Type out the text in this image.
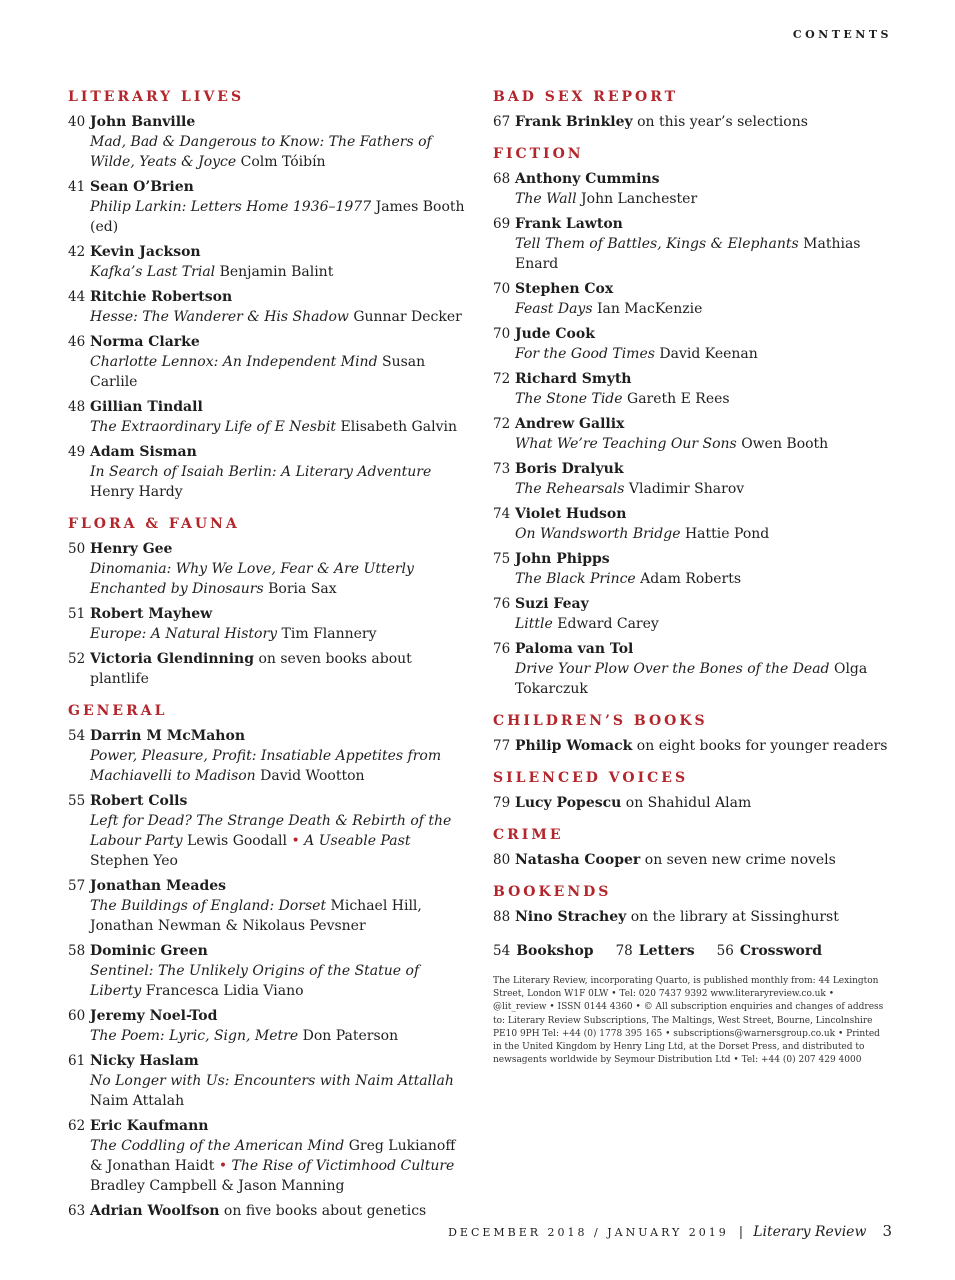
CONTENTS
LITERARY LIVES
40 John Banville
Mad, Bad & Dangerous to Know: The Fathers of Wilde, Yeats & Joyce Colm Tóibín
41 Sean O’Brien
Philip Larkin: Letters Home 1936–1977 James Booth (ed)
42 Kevin Jackson
Kafka’s Last Trial Benjamin Balint
44 Ritchie Robertson
Hesse: The Wanderer & His Shadow Gunnar Decker
46 Norma Clarke
Charlotte Lennox: An Independent Mind Susan Carlile
48 Gillian Tindall
The Extraordinary Life of E Nesbit Elisabeth Galvin
49 Adam Sisman
In Search of Isaiah Berlin: A Literary Adventure Henry Hardy
FLORA & FAUNA
50 Henry Gee
Dinomania: Why We Love, Fear & Are Utterly Enchanted by Dinosaurs Boria Sax
51 Robert Mayhew
Europe: A Natural History Tim Flannery
52 Victoria Glendinning on seven books about plantlife
GENERAL
54 Darrin M McMahon
Power, Pleasure, Profit: Insatiable Appetites from Machiavelli to Madison David Wootton
55 Robert Colls
Left for Dead? The Strange Death & Rebirth of the Labour Party Lewis Goodall • A Useable Past Stephen Yeo
57 Jonathan Meades
The Buildings of England: Dorset Michael Hill, Jonathan Newman & Nikolaus Pevsner
58 Dominic Green
Sentinel: The Unlikely Origins of the Statue of Liberty Francesca Lidia Viano
60 Jeremy Noel-Tod
The Poem: Lyric, Sign, Metre Don Paterson
61 Nicky Haslam
No Longer with Us: Encounters with Naim Attallah Naim Attalah
62 Eric Kaufmann
The Coddling of the American Mind Greg Lukianoff & Jonathan Haidt • The Rise of Victimhood Culture Bradley Campbell & Jason Manning
63 Adrian Woolfson on five books about genetics
BAD SEX REPORT
67 Frank Brinkley on this year’s selections
FICTION
68 Anthony Cummins
The Wall John Lanchester
69 Frank Lawton
Tell Them of Battles, Kings & Elephants Mathias Enard
70 Stephen Cox
Feast Days Ian MacKenzie
70 Jude Cook
For the Good Times David Keenan
72 Richard Smyth
The Stone Tide Gareth E Rees
72 Andrew Gallix
What We’re Teaching Our Sons Owen Booth
73 Boris Dralyuk
The Rehearsals Vladimir Sharov
74 Violet Hudson
On Wandsworth Bridge Hattie Pond
75 John Phipps
The Black Prince Adam Roberts
76 Suzi Feay
Little Edward Carey
76 Paloma van Tol
Drive Your Plow Over the Bones of the Dead Olga Tokarczuk
CHILDREN’S BOOKS
77 Philip Womack on eight books for younger readers
SILENCED VOICES
79 Lucy Popescu on Shahidul Alam
CRIME
80 Natasha Cooper on seven new crime novels
BOOKENDS
88 Nino Strachey on the library at Sissinghurst
54 Bookshop 78 Letters 56 Crossword
The Literary Review, incorporating Quarto, is published monthly from: 44 Lexington Street, London W1F 0LW • Tel: 020 7437 9392 www.literaryreview.co.uk • @lit_review • ISSN 0144 4360 • © All subscription enquiries and changes of address to: Literary Review Subscriptions, The Maltings, West Street, Bourne, Lincolnshire PE10 9PH Tel: +44 (0) 1778 395 165 • subscriptions@warnersgroup.co.uk • Printed in the United Kingdom by Henry Ling Ltd, at the Dorset Press, and distributed to newsagents worldwide by Seymour Distribution Ltd • Tel: +44 (0) 207 429 4000
DECEMBER 2018 / JANUARY 2019 | Literary Review 3
